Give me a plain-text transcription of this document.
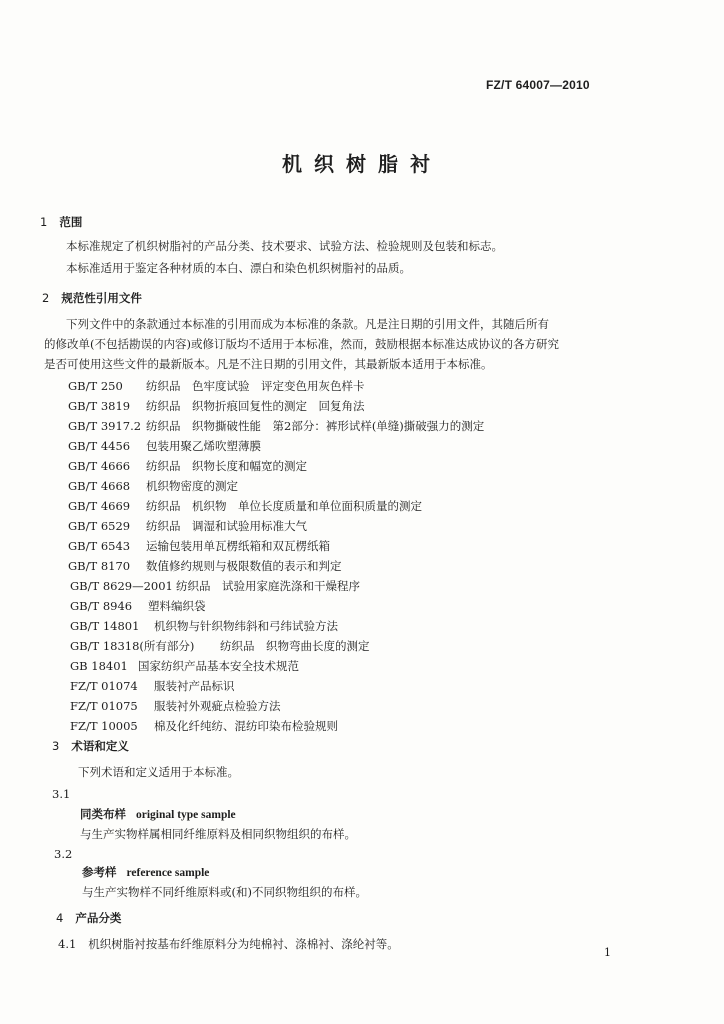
FZ/T 64007—2010
机织树脂衬
1 范围
本标准规定了机织树脂衬的产品分类、技术要求、试验方法、检验规则及包装和标志。
本标准适用于鉴定各种材质的本白、漂白和染色机织树脂衬的品质。
2 规范性引用文件
下列文件中的条款通过本标准的引用而成为本标准的条款。凡是注日期的引用文件，其随后所有
的修改单(不包括勘误的内容)或修订版均不适用于本标准，然而，鼓励根据本标准达成协议的各方研究
是否可使用这些文件的最新版本。凡是不注日期的引用文件，其最新版本适用于本标准。
GB/T 250 纺织品　色牢度试验　评定变色用灰色样卡
GB/T 3819 纺织品　织物折痕回复性的测定　回复角法
GB/T 3917.2 纺织品　织物撕破性能　第2部分：裤形试样(单缝)撕破强力的测定
GB/T 4456 包装用聚乙烯吹塑薄膜
GB/T 4666 纺织品　织物长度和幅宽的测定
GB/T 4668 机织物密度的测定
GB/T 4669 纺织品　机织物　单位长度质量和单位面积质量的测定
GB/T 6529 纺织品　调湿和试验用标准大气
GB/T 6543 运输包装用单瓦楞纸箱和双瓦楞纸箱
GB/T 8170 数值修约规则与极限数值的表示和判定
GB/T 8629—2001 纺织品　试验用家庭洗涤和干燥程序
GB/T 8946 塑料编织袋
GB/T 14801 机织物与针织物纬斜和弓纬试验方法
GB/T 18318(所有部分) 纺织品　织物弯曲长度的测定
GB 18401 国家纺织产品基本安全技术规范
FZ/T 01074 服装衬产品标识
FZ/T 01075 服装衬外观疵点检验方法
FZ/T 10005 棉及化纤纯纺、混纺印染布检验规则
3 术语和定义
下列术语和定义适用于本标准。
3.1
同类布样 original type sample
与生产实物样属相同纤维原料及相同织物组织的布样。
3.2
参考样 reference sample
与生产实物样不同纤维原料或(和)不同织物组织的布样。
4 产品分类
4.1 机织树脂衬按基布纤维原料分为纯棉衬、涤棉衬、涤纶衬等。
1
